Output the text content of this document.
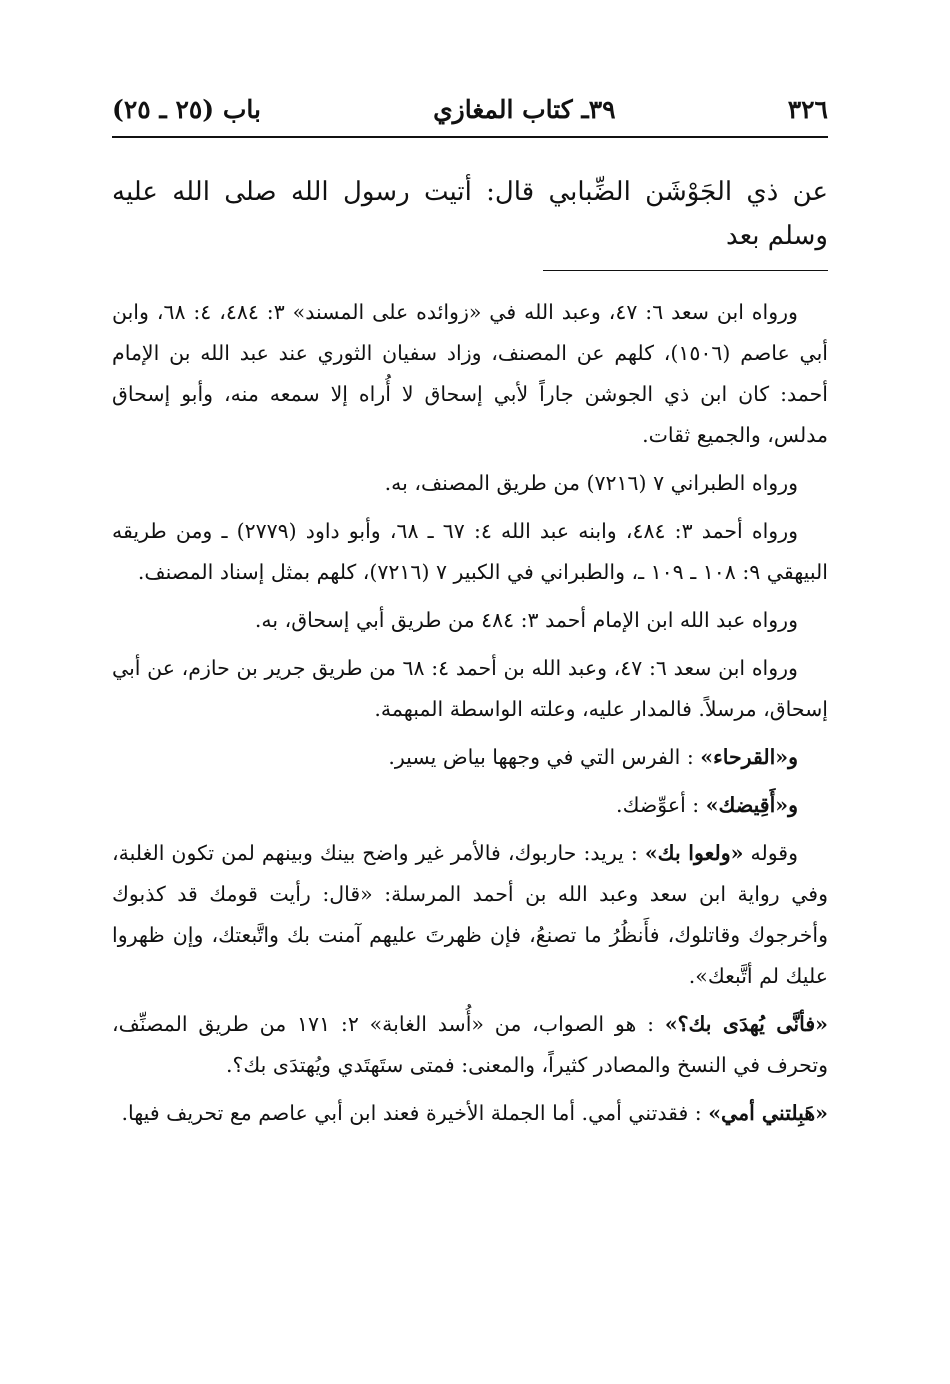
٣٢٦
٣٩ـ كتاب المغازي
باب (٢٥ ـ ٢٥)
عن ذي الجَوْشَن الضِّبابي قال: أتيت رسول الله صلى الله عليه وسلم بعد

ورواه ابن سعد ٦: ٤٧، وعبد الله في «زوائده على المسند» ٣: ٤٨٤، ٤: ٦٨، وابن أبي عاصم (١٥٠٦)، كلهم عن المصنف، وزاد سفيان الثوري عند عبد الله بن الإمام أحمد: كان ابن ذي الجوشن جاراً لأبي إسحاق لا أُراه إلا سمعه منه، وأبو إسحاق مدلس، والجميع ثقات.

ورواه الطبراني ٧ (٧٢١٦) من طريق المصنف، به.

ورواه أحمد ٣: ٤٨٤، وابنه عبد الله ٤: ٦٧ ـ ٦٨، وأبو داود (٢٧٧٩) ـ ومن طريقه البيهقي ٩: ١٠٨ ـ ١٠٩ ـ، والطبراني في الكبير ٧ (٧٢١٦)، كلهم بمثل إسناد المصنف.

ورواه عبد الله ابن الإمام أحمد ٣: ٤٨٤ من طريق أبي إسحاق، به.

ورواه ابن سعد ٦: ٤٧، وعبد الله بن أحمد ٤: ٦٨ من طريق جرير بن حازم، عن أبي إسحاق، مرسلاً. فالمدار عليه، وعلته الواسطة المبهمة.

و«القرحاء» : الفرس التي في وجهها بياض يسير.

و«أَقِيضك» : أعوِّضك.

وقوله «ولعوا بك» : يريد: حاربوك، فالأمر غير واضح بينك وبينهم لمن تكون الغلبة، وفي رواية ابن سعد وعبد الله بن أحمد المرسلة: «قال: رأيت قومك قد كذبوك وأخرجوك وقاتلوك، فأَنظُرُ ما تصنعُ، فإن ظهرتَ عليهم آمنت بك واتَّبعتك، وإن ظهروا عليك لم أتَّبعك».

«فأنَّى يُهدَى بك؟» : هو الصواب، من «أُسد الغابة» ٢: ١٧١ من طريق المصنِّف، وتحرف في النسخ والمصادر كثيراً، والمعنى: فمتى ستَهتَدي ويُهتدَى بك؟.

«هَبِلتني أمي» : فقدتني أمي. أما الجملة الأخيرة فعند ابن أبي عاصم مع تحريف فيها.
